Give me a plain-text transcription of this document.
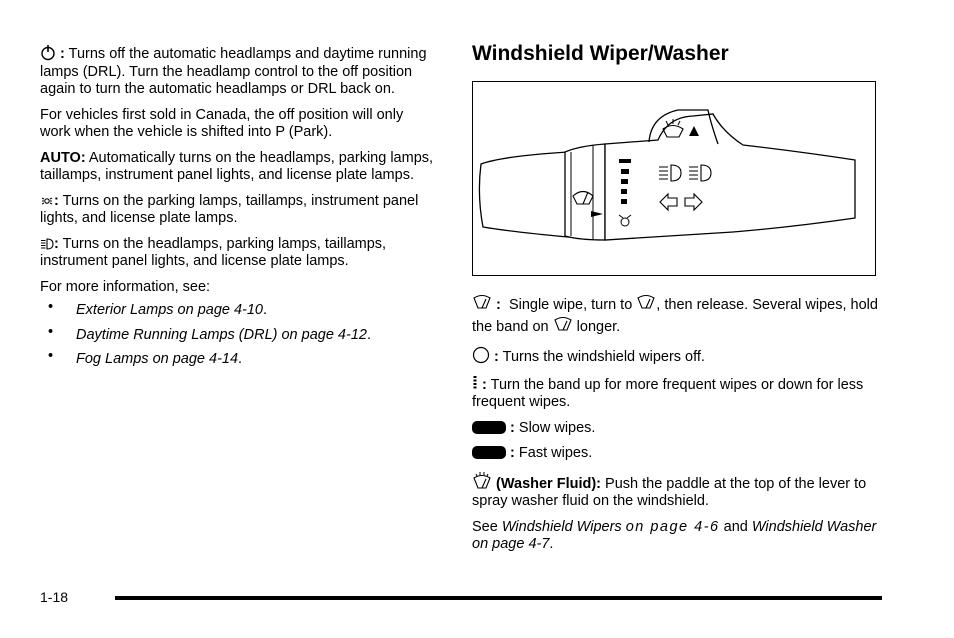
: Turns off the automatic headlamps and daytime running lamps (DRL). Turn the headlamp control to the off position again to turn the automatic headlamps or DRL back on.

For vehicles first sold in Canada, the off position will only work when the vehicle is shifted into P (Park).

AUTO: Automatically turns on the headlamps, parking lamps, taillamps, instrument panel lights, and license plate lamps.

: Turns on the parking lamps, taillamps, instrument panel lights, and license plate lamps.

: Turns on the headlamps, parking lamps, taillamps, instrument panel lights, and license plate lamps.

For more information, see:

• Exterior Lamps on page 4-10.
• Daytime Running Lamps (DRL) on page 4-12.
• Fog Lamps on page 4-14.
Windshield Wiper/Washer

: Single wipe, turn to , then release. Several wipes, hold the band on longer.

: Turns the windshield wipers off.

: Turn the band up for more frequent wipes or down for less frequent wipes.

: Slow wipes.

: Fast wipes.

(Washer Fluid): Push the paddle at the top of the lever to spray washer fluid on the windshield.

See Windshield Wipers on page 4-6 and Windshield Washer on page 4-7.

1-18
